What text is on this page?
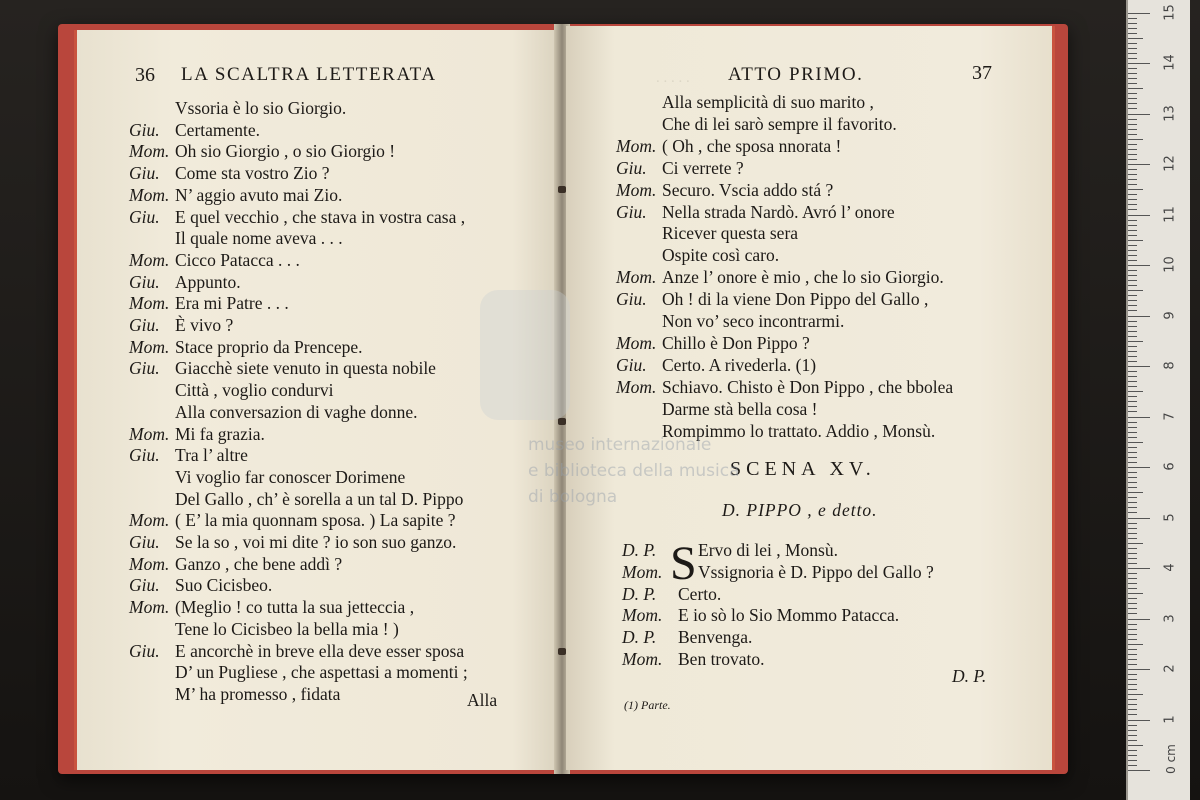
36 LA SCALTRA LETTERATA
Vssoria è lo sio Giorgio.
Giu. Certamente.
Mom. Oh sio Giorgio , o sio Giorgio !
Giu. Come sta vostro Zio ?
Mom. N’ aggio avuto mai Zio.
Giu. E quel vecchio , che stava in vostra casa ,
Il quale nome aveva . . .
Mom. Cicco Patacca . . .
Giu. Appunto.
Mom. Era mi Patre . . .
Giu. È vivo ?
Mom. Stace proprio da Prencepe.
Giu. Giacchè siete venuto in questa nobile
Città , voglio condurvi
Alla conversazion di vaghe donne.
Mom. Mi fa grazia.
Giu. Tra l’ altre
Vi voglio far conoscer Dorimene
Del Gallo , ch’ è sorella a un tal D. Pippo
Mom. ( E’ la mia quonnam sposa. ) La sapite ?
Giu. Se la so , voi mi dite ? io son suo ganzo.
Mom. Ganzo , che bene addì ?
Giu. Suo Cicisbeo.
Mom. (Meglio ! co tutta la sua jetteccia ,
Tene lo Cicisbeo la bella mia ! )
Giu. E ancorchè in breve ella deve esser sposa
D’ un Pugliese , che aspettasi a momenti ;
M’ ha promesso , fidata	Alla
. . . . . ATTO PRIMO.	37
Alla semplicità di suo marito ,
Che di lei sarò sempre il favorito.
Mom. ( Oh , che sposa nnorata !
Giu. Ci verrete ?
Mom. Securo. Vscia addo stá ?
Giu. Nella strada Nardò. Avró l’ onore
Ricever questa sera
Ospite così caro.
Mom. Anze l’ onore è mio , che lo sio Giorgio.
Giu. Oh ! di la viene Don Pippo del Gallo ,
Non vo’ seco incontrarmi.
Mom. Chillo è Don Pippo ?
Giu. Certo. A rivederla. (1)
Mom. Schiavo. Chisto è Don Pippo , che bbolea
Darme stà bella cosa !
Rompimmo lo trattato. Addio , Monsù.
SCENA XV.
D. PIPPO , e detto.
S
D. P. Ervo di lei , Monsù.
Mom. Vssignoria è D. Pippo del Gallo ?
D. P. Certo.
Mom. E io sò lo Sio Mommo Patacca.
D. P. Benvenga.
Mom. Ben trovato.
D. P.
(1) Parte.
museo internazionale
e biblioteca della musica
di bologna
0 cm
1
2
3
4
5
6
7
8
9
10
11
12
13
14
15
